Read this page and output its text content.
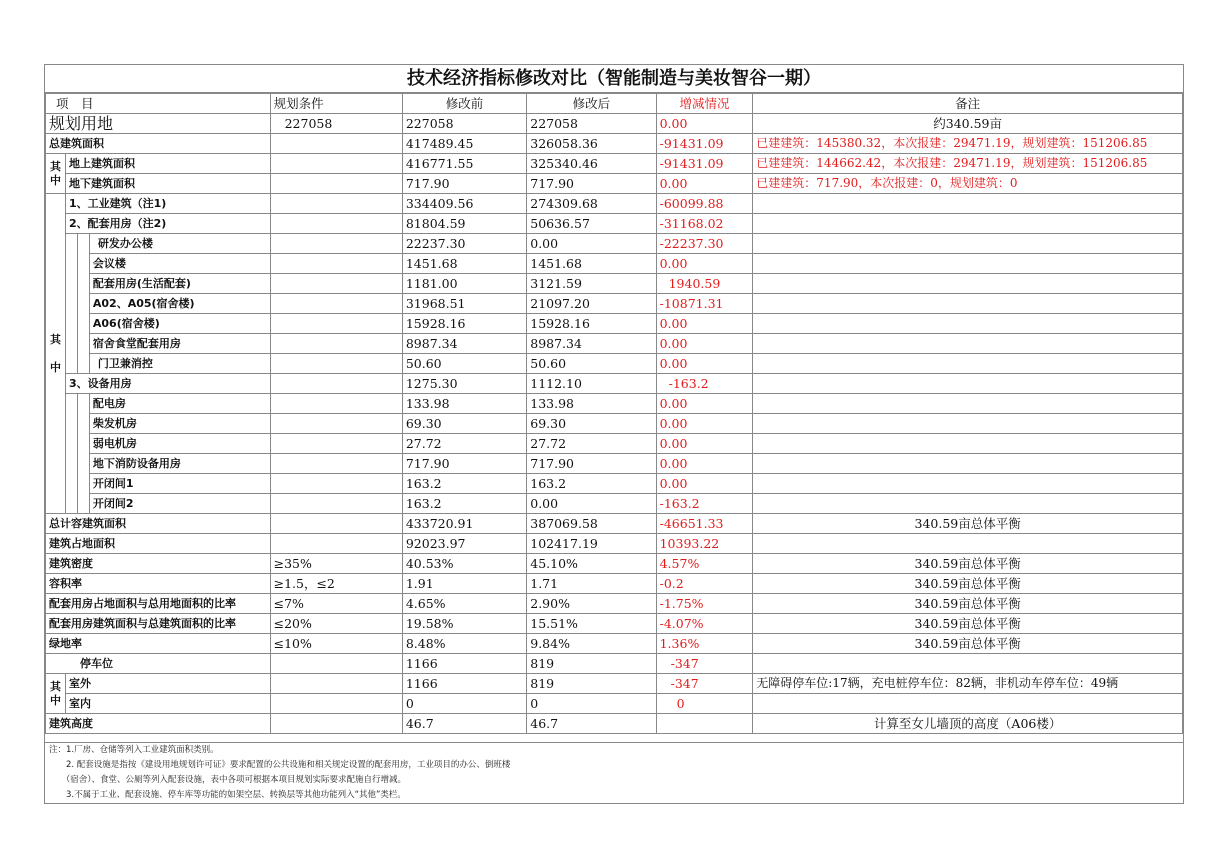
技术经济指标修改对比（智能制造与美妆智谷一期）
项　目				规划条件	修改前	修改后	增减情况	备注
规划用地				227058	227058	227058	0.00	约340.59亩
总建筑面积					417489.45	326058.36	-91431.09	已建建筑：145380.32，本次报建：29471.19，规划建筑：151206.85
其
中	地上建筑面积				416771.55	325340.46	-91431.09	已建建筑：144662.42，本次报建：29471.19，规划建筑：151206.85
	地下建筑面积				717.90	717.90	0.00	已建建筑：717.90，本次报建：0，规划建筑：0
其

中	1、工业建筑（注1)				334409.56	274309.68	-60099.88	
	2、配套用房（注2)				81804.59	50636.57	-31168.02	
			研发办公楼		22237.30	0.00	-22237.30	
			会议楼		1451.68	1451.68	0.00	
			配套用房(生活配套)		1181.00	3121.59	1940.59	
			A02、A05(宿舍楼)		31968.51	21097.20	-10871.31	
			A06(宿舍楼)		15928.16	15928.16	0.00	
			宿舍食堂配套用房		8987.34	8987.34	0.00	
			门卫兼消控		50.60	50.60	0.00	
	3、设备用房				1275.30	1112.10	-163.2	
			配电房		133.98	133.98	0.00	
			柴发机房		69.30	69.30	0.00	
			弱电机房		27.72	27.72	0.00	
			地下消防设备用房		717.90	717.90	0.00	
			开闭间1		163.2	163.2	0.00	
			开闭间2		163.2	0.00	-163.2	
总计容建筑面积					433720.91	387069.58	-46651.33	340.59亩总体平衡
建筑占地面积					92023.97	102417.19	10393.22	
建筑密度				≥35%	40.53%	45.10%	4.57%	340.59亩总体平衡
容积率				≥1.5，≤2	1.91	1.71	-0.2	340.59亩总体平衡
配套用房占地面积与总用地面积的比率				≤7%	4.65%	2.90%	-1.75%	340.59亩总体平衡
配套用房建筑面积与总建筑面积的比率				≤20%	19.58%	15.51%	-4.07%	340.59亩总体平衡
绿地率				≤10%	8.48%	9.84%	1.36%	340.59亩总体平衡
停车位					1166	819	-347	
其
中	室外				1166	819	-347	无障碍停车位:17辆，充电桩停车位：82辆，非机动车停车位：49辆
	室内				0	0	0	
建筑高度					46.7	46.7		计算至女儿墙顶的高度（A06楼）
注：1.厂房、仓储等列入工业建筑面积类别。
　　2. 配套设施是指按《建设用地规划许可证》要求配置的公共设施和相关规定设置的配套用房，工业项目的办公、倒班楼
　　（宿舍）、食堂、公厕等列入配套设施，表中各项可根据本项目规划实际要求配施自行增减。
　　3.不属于工业、配套设施、停车库等功能的如架空层、转换层等其他功能列入“其他”类栏。
